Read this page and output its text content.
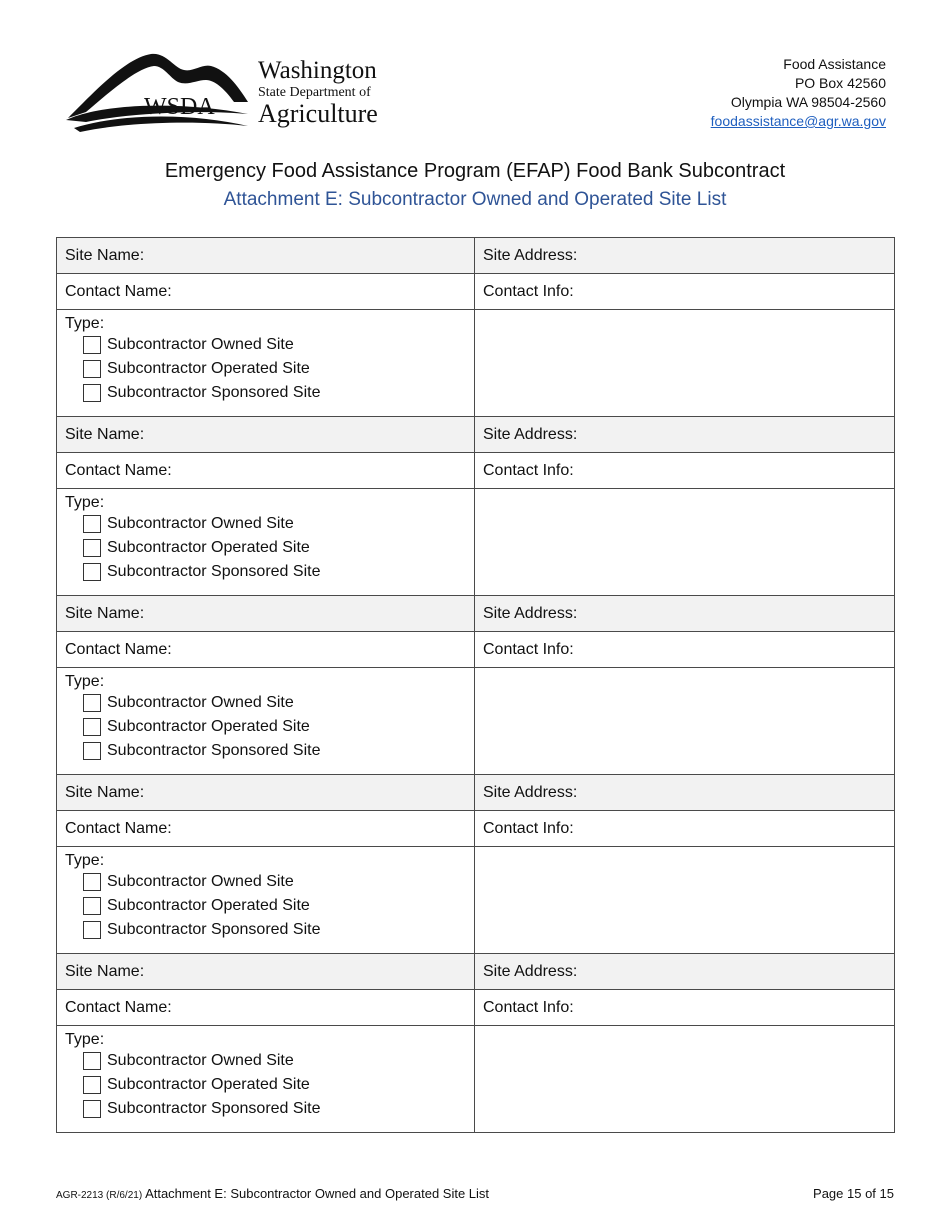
WSDA
Washington
State Department of
Agriculture
Food Assistance
PO Box 42560
Olympia WA 98504-2560
foodassistance@agr.wa.gov
Emergency Food Assistance Program (EFAP) Food Bank Subcontract
Attachment E: Subcontractor Owned and Operated Site List
Site Name:	Site Address:
Contact Name:	Contact Info:

Type:
Subcontractor Owned Site
Subcontractor Operated Site
Subcontractor Sponsored Site	

Site Name:	Site Address:
Contact Name:	Contact Info:

Type:
Subcontractor Owned Site
Subcontractor Operated Site
Subcontractor Sponsored Site	

Site Name:	Site Address:
Contact Name:	Contact Info:

Type:
Subcontractor Owned Site
Subcontractor Operated Site
Subcontractor Sponsored Site	

Site Name:	Site Address:
Contact Name:	Contact Info:

Type:
Subcontractor Owned Site
Subcontractor Operated Site
Subcontractor Sponsored Site	

Site Name:	Site Address:
Contact Name:	Contact Info:

Type:
Subcontractor Owned Site
Subcontractor Operated Site
Subcontractor Sponsored Site	

AGR-2213 (R/6/21) Attachment E: Subcontractor Owned and Operated Site List	Page 15 of 15
